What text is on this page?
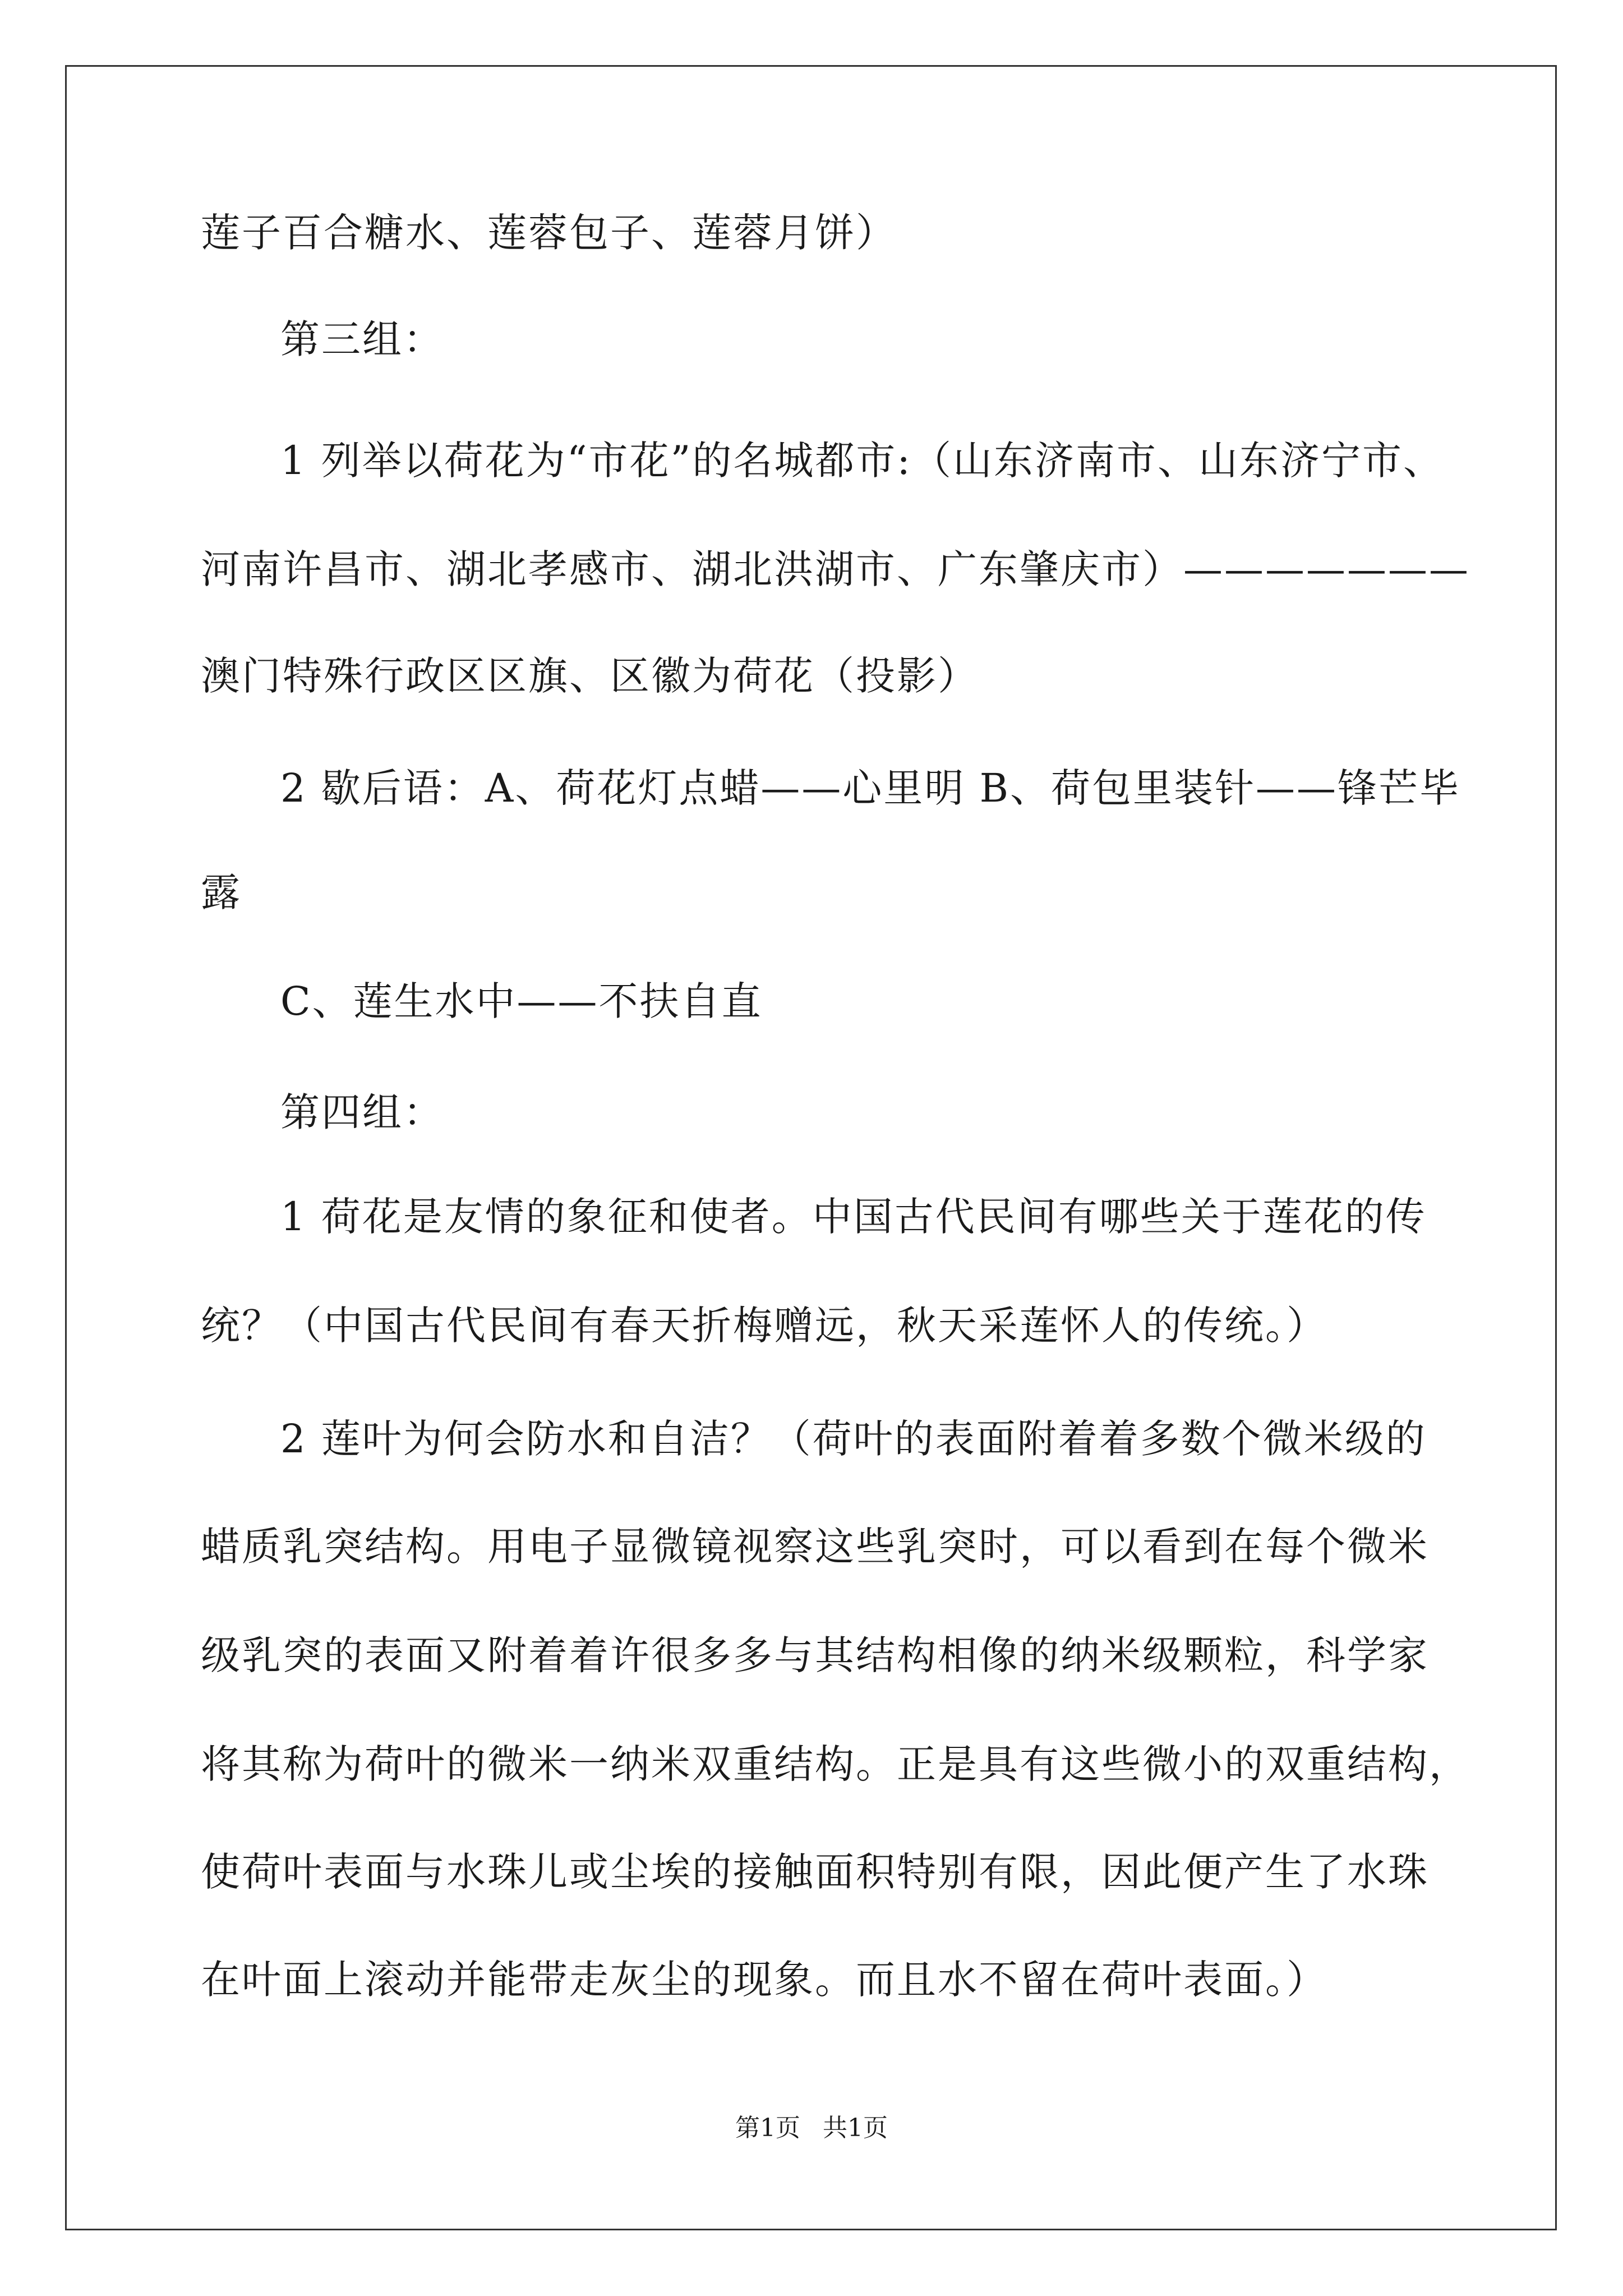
莲子百合糖水、莲蓉包子、莲蓉月饼）
第三组：
1 列举以荷花为“市花”的名城都市:（山东济南市、山东济宁市、
河南许昌市、湖北孝感市、湖北洪湖市、广东肇庆市）———————
澳门特殊行政区区旗、区徽为荷花（投影）
2 歇后语：A、荷花灯点蜡——心里明 B、荷包里装针——锋芒毕
露
C、莲生水中——不扶自直
第四组：
1 荷花是友情的象征和使者。中国古代民间有哪些关于莲花的传
统？（中国古代民间有春天折梅赠远，秋天采莲怀人的传统。）
2 莲叶为何会防水和自洁？（荷叶的表面附着着多数个微米级的
蜡质乳突结构。用电子显微镜视察这些乳突时，可以看到在每个微米
级乳突的表面又附着着许很多多与其结构相像的纳米级颗粒，科学家
将其称为荷叶的微米一纳米双重结构。正是具有这些微小的双重结构，
使荷叶表面与水珠儿或尘埃的接触面积特别有限，因此便产生了水珠
在叶面上滚动并能带走灰尘的现象。而且水不留在荷叶表面。）
第1页 共1页
